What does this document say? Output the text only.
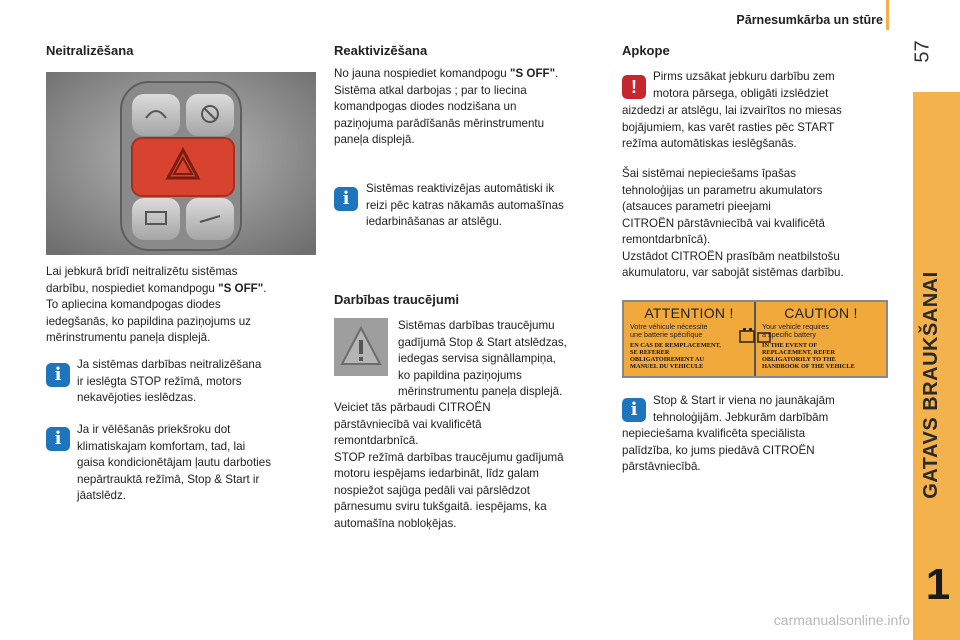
Pārnesumkārba un stūre
57
GATAVS BRAUKŠANAI
1
Neitralizēšana

Lai jebkurā brīdī neitralizētu sistēmas

darbību, nospiediet komandpogu "S OFF".

To apliecina komandpogas diodes

iedegšanās, ko papildina paziņojums uz

mērinstrumentu paneļa displejā.

i	Ja sistēmas darbības neitralizēšana

ir ieslēgta STOP režīmā, motors

nekavējoties ieslēdzas.

i	Ja ir vēlēšanās priekšroku dot

klimatiskajam komfortam, tad, lai

gaisa kondicionētājam ļautu darboties

nepārtrauktā režīmā, Stop & Start ir

jāatslēdz.

Reaktivizēšana

No jauna nospiediet komandpogu "S OFF".

Sistēma atkal darbojas ; par to liecina

komandpogas diodes nodzišana un

paziņojuma parādīšanās mērinstrumentu

paneļa displejā.

i	Sistēmas reaktivizējas automātiski ik

reizi pēc katras nākamās automašīnas

iedarbināšanas ar atslēgu.

Darbības traucējumi

Sistēmas darbības traucējumu

gadījumā Stop & Start atslēdzas,

iedegas servisa signāllampiņa,

ko papildina paziņojums

mērinstrumentu paneļa displejā.

Veiciet tās pārbaudi CITROËN

pārstāvniecībā vai kvalificētā

remontdarbnīcā.

STOP režīmā darbības traucējumu gadījumā

motoru iespējams iedarbināt, līdz galam

nospiežot sajūga pedāli vai pārslēdzot

pārnesumu sviru tukšgaitā. iespējams, ka

automašīna nobloķējas.

Apkope
!

Pirms uzsākat jebkuru darbību zem

motora pārsega, obligāti izslēdziet

aizdedzi ar atslēgu, lai izvairītos no miesas

bojājumiem, kas varēt rasties pēc START

režīma automātiskas ieslēgšanās.

Šai sistēmai nepieciešams īpašas

tehnoloģijas un parametru akumulators

(atsauces parametri pieejami

CITROËN pārstāvniecībā vai kvalificētā

remontdarbnīcā).

Uzstādot CITROËN prasībām neatbilstošu

akumulatoru, var sabojāt sistēmas darbību.

ATTENTION !
Votre véhicule nécessite
une batterie spécifique
EN CAS DE REMPLACEMENT,
SE REFERER
OBLIGATOIREMENT AU
MANUEL DU VEHICULE
CAUTION !
Your vehicle requires
a specific battery
IN THE EVENT OF
REPLACEMENT, REFER
OBLIGATORILY TO THE
HANDBOOK OF THE VEHICLE
i	Stop & Start ir viena no jaunākajām

tehnoloģijām. Jebkurām darbībām

nepieciešama kvalificēta speciālista

palīdzība, ko jums piedāvā CITROËN

pārstāvniecībā.

carmanualsonline.info
